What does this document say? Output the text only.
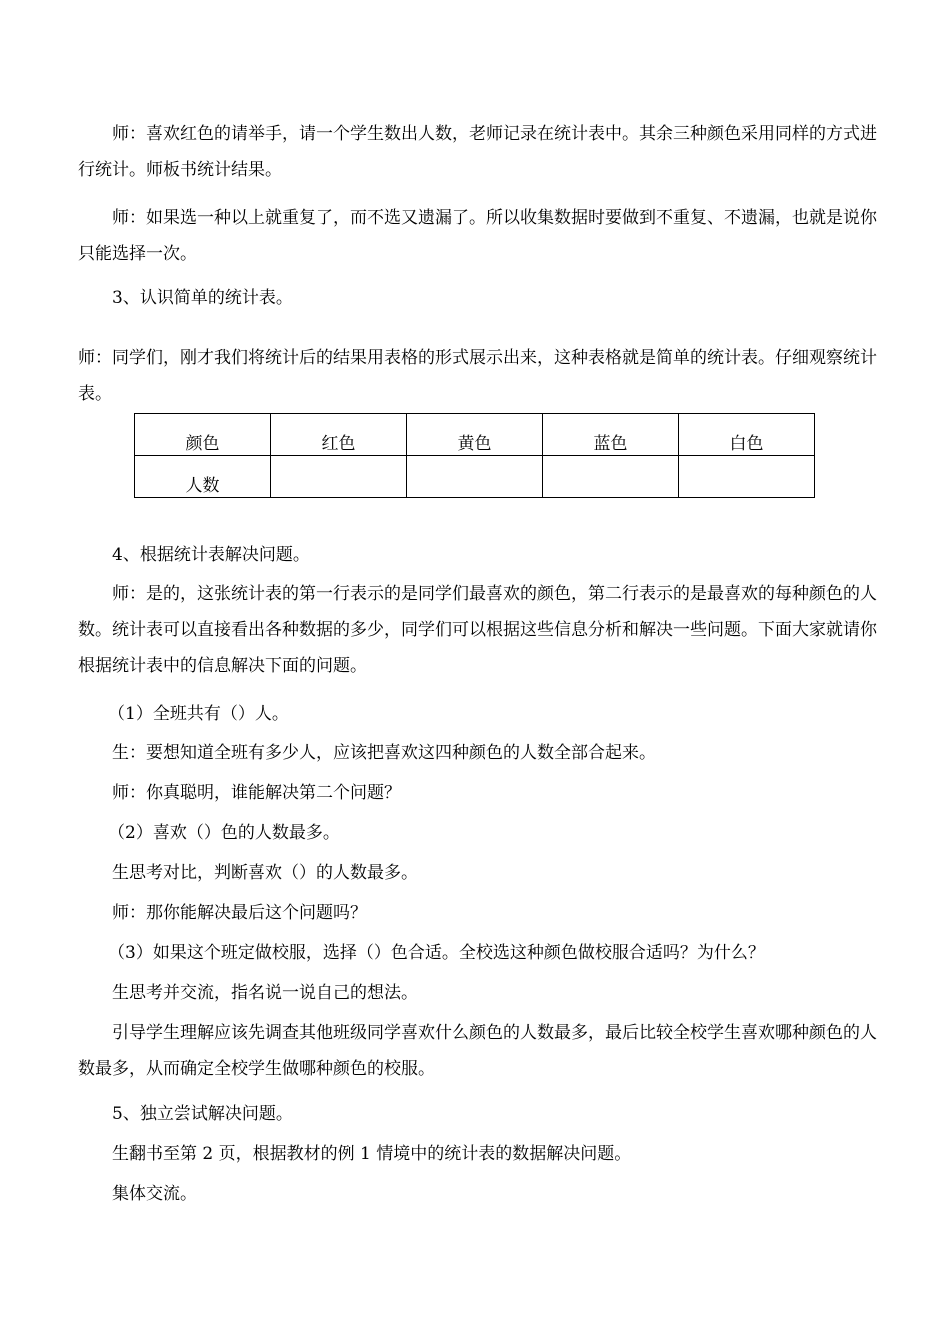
师：喜欢红色的请举手，请一个学生数出人数，老师记录在统计表中。其余三种颜色采用同样的方式进行统计。师板书统计结果。
师：如果选一种以上就重复了，而不选又遗漏了。所以收集数据时要做到不重复、不遗漏，也就是说你只能选择一次。
3、认识简单的统计表。
师：同学们，刚才我们将统计后的结果用表格的形式展示出来，这种表格就是简单的统计表。仔细观察统计表。
颜色	红色	黄色	蓝色	白色
人数				
4、根据统计表解决问题。
师：是的，这张统计表的第一行表示的是同学们最喜欢的颜色，第二行表示的是最喜欢的每种颜色的人数。统计表可以直接看出各种数据的多少，同学们可以根据这些信息分析和解决一些问题。下面大家就请你根据统计表中的信息解决下面的问题。
（1）全班共有（）人。
生：要想知道全班有多少人，应该把喜欢这四种颜色的人数全部合起来。
师：你真聪明，谁能解决第二个问题？
（2）喜欢（）色的人数最多。
生思考对比，判断喜欢（）的人数最多。
师：那你能解决最后这个问题吗？
（3）如果这个班定做校服，选择（）色合适。全校选这种颜色做校服合适吗？为什么？
生思考并交流，指名说一说自己的想法。
引导学生理解应该先调查其他班级同学喜欢什么颜色的人数最多，最后比较全校学生喜欢哪种颜色的人数最多，从而确定全校学生做哪种颜色的校服。
5、独立尝试解决问题。
生翻书至第 2 页，根据教材的例 1 情境中的统计表的数据解决问题。
集体交流。
